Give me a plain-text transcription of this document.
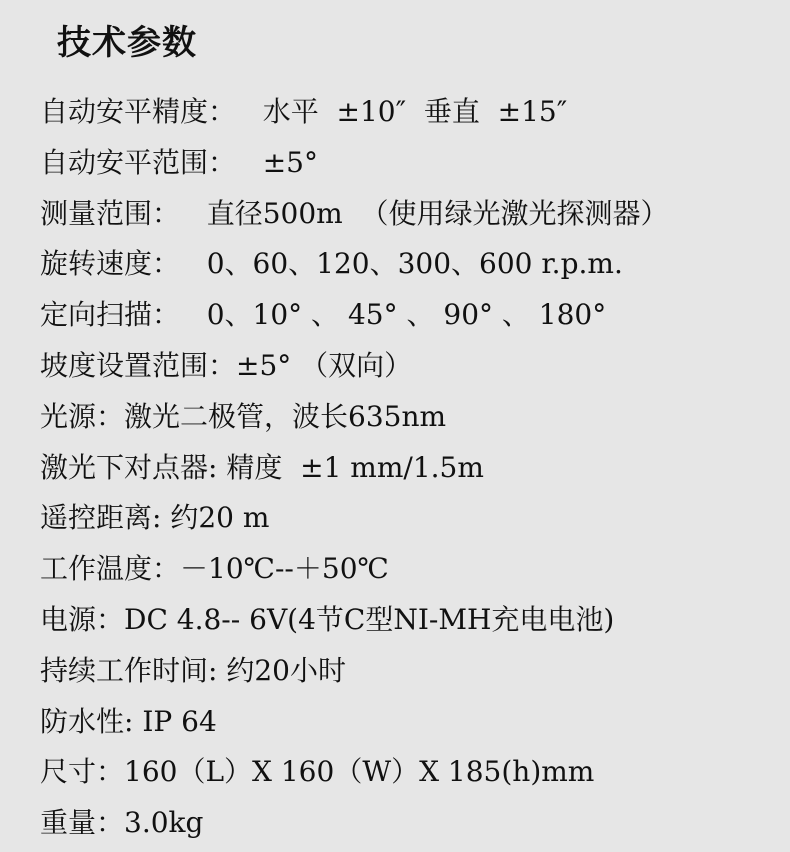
技术参数
自动安平精度：   水平  ±10″  垂直  ±15″
自动安平范围：   ±5°
测量范围：   直径500m  （使用绿光激光探测器）
旋转速度：   0、60、120、300、600 r.p.m.
定向扫描：   0、10° 、 45° 、 90° 、 180°
坡度设置范围：±5° （双向）
光源：激光二极管，波长635nm
激光下对点器: 精度  ±1 mm/1.5m
遥控距离: 约20 m
工作温度：－10℃--＋50℃
电源：DC 4.8-- 6V(4节C型NI-MH充电电池)
持续工作时间: 约20小时
防水性: IP 64
尺寸：160（L）X 160（W）X 185(h)mm
重量：3.0kg
